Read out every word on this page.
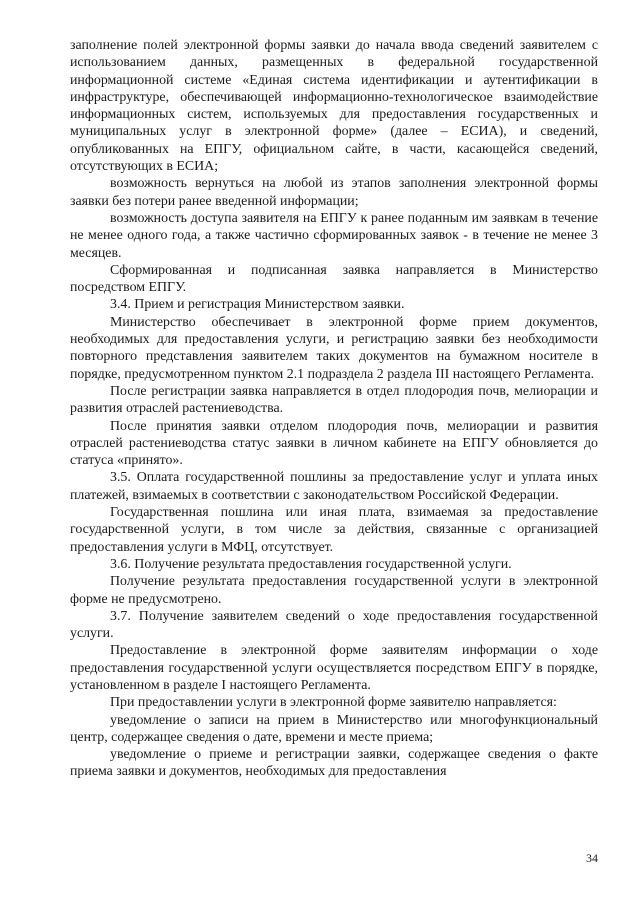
заполнение полей электронной формы заявки до начала ввода сведений заявителем с использованием данных, размещенных в федеральной государственной информационной системе «Единая система идентификации и аутентификации в инфраструктуре, обеспечивающей информационно-технологическое взаимодействие информационных систем, используемых для предоставления государственных и муниципальных услуг в электронной форме» (далее – ЕСИА), и сведений, опубликованных на ЕПГУ, официальном сайте, в части, касающейся сведений, отсутствующих в ЕСИА;

возможность вернуться на любой из этапов заполнения электронной формы заявки без потери ранее введенной информации;

возможность доступа заявителя на ЕПГУ к ранее поданным им заявкам в течение не менее одного года, а также частично сформированных заявок - в течение не менее 3 месяцев.

Сформированная и подписанная заявка направляется в Министерство посредством ЕПГУ.

3.4. Прием и регистрация Министерством заявки.

Министерство обеспечивает в электронной форме прием документов, необходимых для предоставления услуги, и регистрацию заявки без необходимости повторного представления заявителем таких документов на бумажном носителе в порядке, предусмотренном пунктом 2.1 подраздела 2 раздела III настоящего Регламента.

После регистрации заявка направляется в отдел плодородия почв, мелиорации и развития отраслей растениеводства.

После принятия заявки отделом плодородия почв, мелиорации и развития отраслей растениеводства статус заявки в личном кабинете на ЕПГУ обновляется до статуса «принято».

3.5. Оплата государственной пошлины за предоставление услуг и уплата иных платежей, взимаемых в соответствии с законодательством Российской Федерации.

Государственная пошлина или иная плата, взимаемая за предоставление государственной услуги, в том числе за действия, связанные с организацией предоставления услуги в МФЦ, отсутствует.

3.6. Получение результата предоставления государственной услуги.

Получение результата предоставления государственной услуги в электронной форме не предусмотрено.

3.7. Получение заявителем сведений о ходе предоставления государственной услуги.

Предоставление в электронной форме заявителям информации о ходе предоставления государственной услуги осуществляется посредством ЕПГУ в порядке, установленном в разделе I настоящего Регламента.

При предоставлении услуги в электронной форме заявителю направляется:

уведомление о записи на прием в Министерство или многофункциональный центр, содержащее сведения о дате, времени и месте приема;

уведомление о приеме и регистрации заявки, содержащее сведения о факте приема заявки и документов, необходимых для предоставления

34
